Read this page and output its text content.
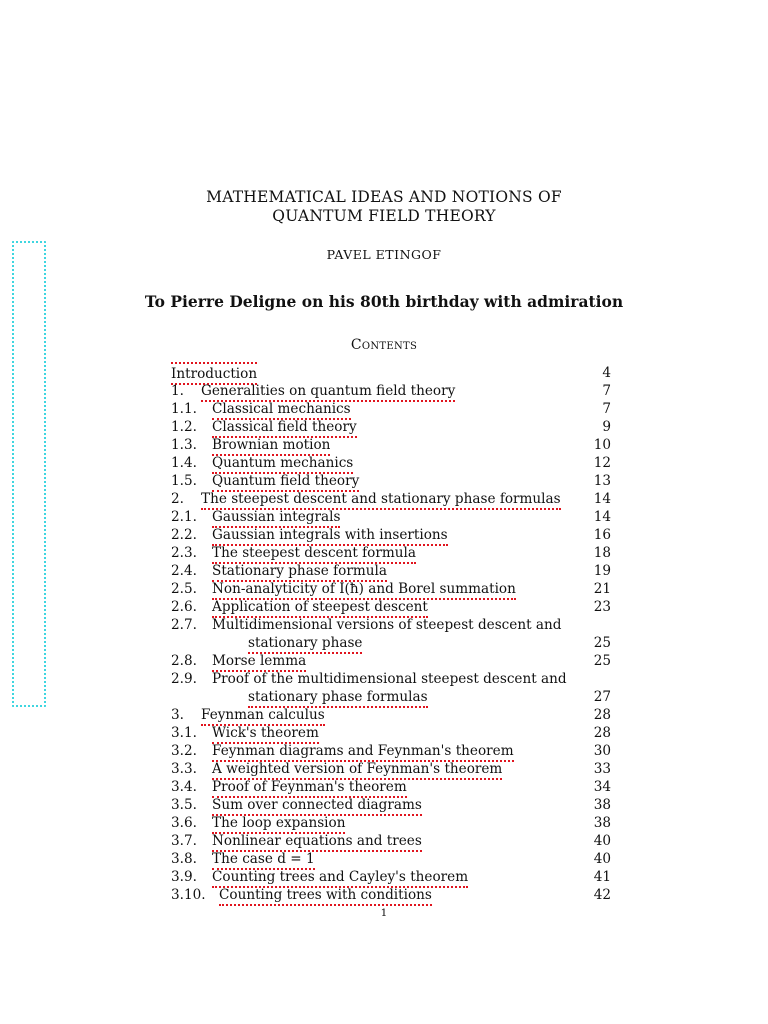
MATHEMATICAL IDEAS AND NOTIONS OF
QUANTUM FIELD THEORY
PAVEL ETINGOF
To Pierre Deligne on his 80th birthday with admiration
Contents
Introduction	4
1. Generalities on quantum field theory	7
1.1. Classical mechanics	7
1.2. Classical field theory	9
1.3. Brownian motion	10
1.4. Quantum mechanics	12
1.5. Quantum field theory	13
2. The steepest descent and stationary phase formulas	14
2.1. Gaussian integrals	14
2.2. Gaussian integrals with insertions	16
2.3. The steepest descent formula	18
2.4. Stationary phase formula	19
2.5. Non-analyticity of I(ħ) and Borel summation	21
2.6. Application of steepest descent	23
2.7. Multidimensional versions of steepest descent and
stationary phase	25
2.8. Morse lemma	25
2.9. Proof of the multidimensional steepest descent and
stationary phase formulas	27
3. Feynman calculus	28
3.1. Wick's theorem	28
3.2. Feynman diagrams and Feynman's theorem	30
3.3. A weighted version of Feynman's theorem	33
3.4. Proof of Feynman's theorem	34
3.5. Sum over connected diagrams	38
3.6. The loop expansion	38
3.7. Nonlinear equations and trees	40
3.8. The case d = 1	40
3.9. Counting trees and Cayley's theorem	41
3.10. Counting trees with conditions	42
1
